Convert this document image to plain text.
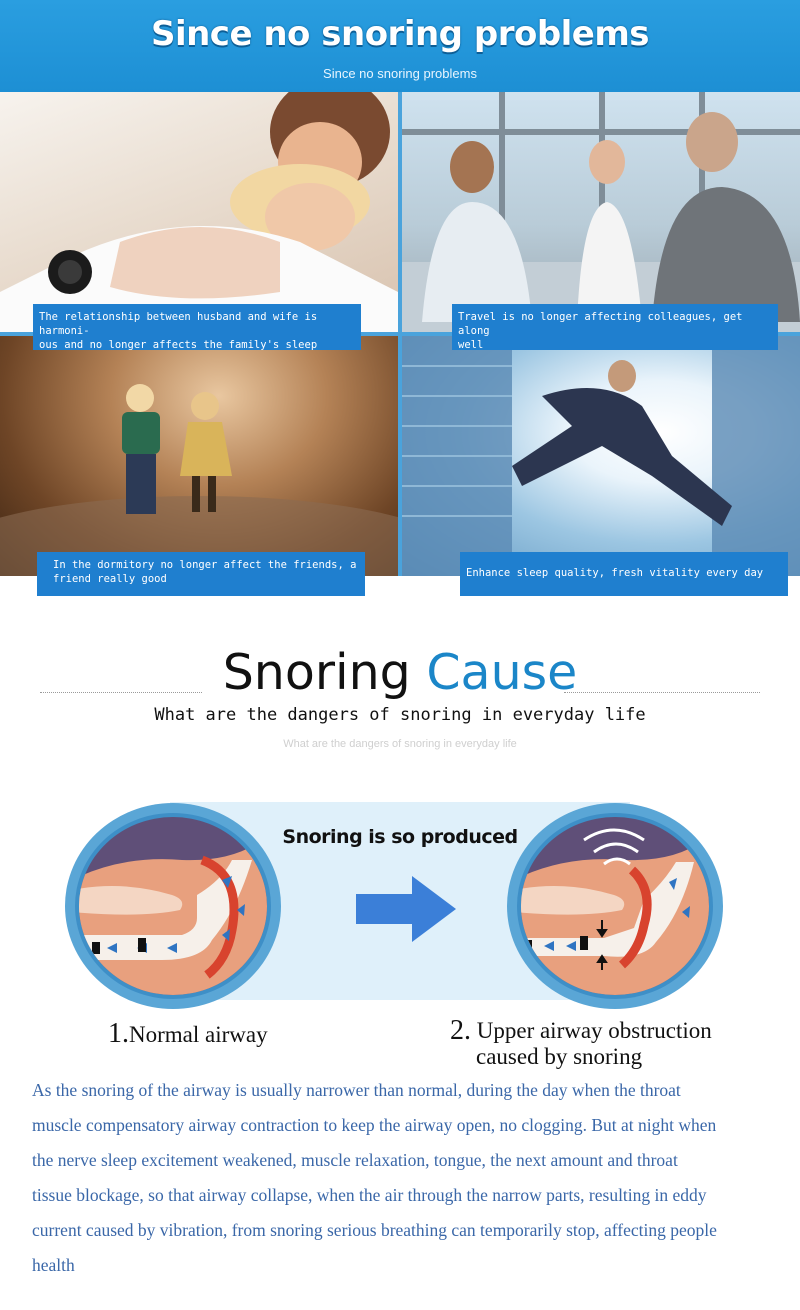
Since no snoring problems
Since no snoring problems
The relationship between husband and wife is harmoni-
ous and no longer affects the family's sleep
Travel is no longer affecting colleagues, get along
well
In the dormitory no longer affect the friends, a
friend really good	Enhance sleep quality, fresh vitality every day
Snoring Cause
What are the dangers of snoring in everyday life
What are the dangers of snoring in everyday life
Snoring is so produced
1.Normal airway	2. Upper airway obstruction
caused by snoring
As the snoring of the airway is usually narrower than normal, during the day when the throat
muscle compensatory airway contraction to keep the airway open, no clogging. But at night when
the nerve sleep excitement weakened, muscle relaxation, tongue, the next amount and throat
tissue blockage, so that airway collapse, when the air through the narrow parts, resulting in eddy
current caused by vibration, from snoring serious breathing can temporarily stop, affecting people
health
